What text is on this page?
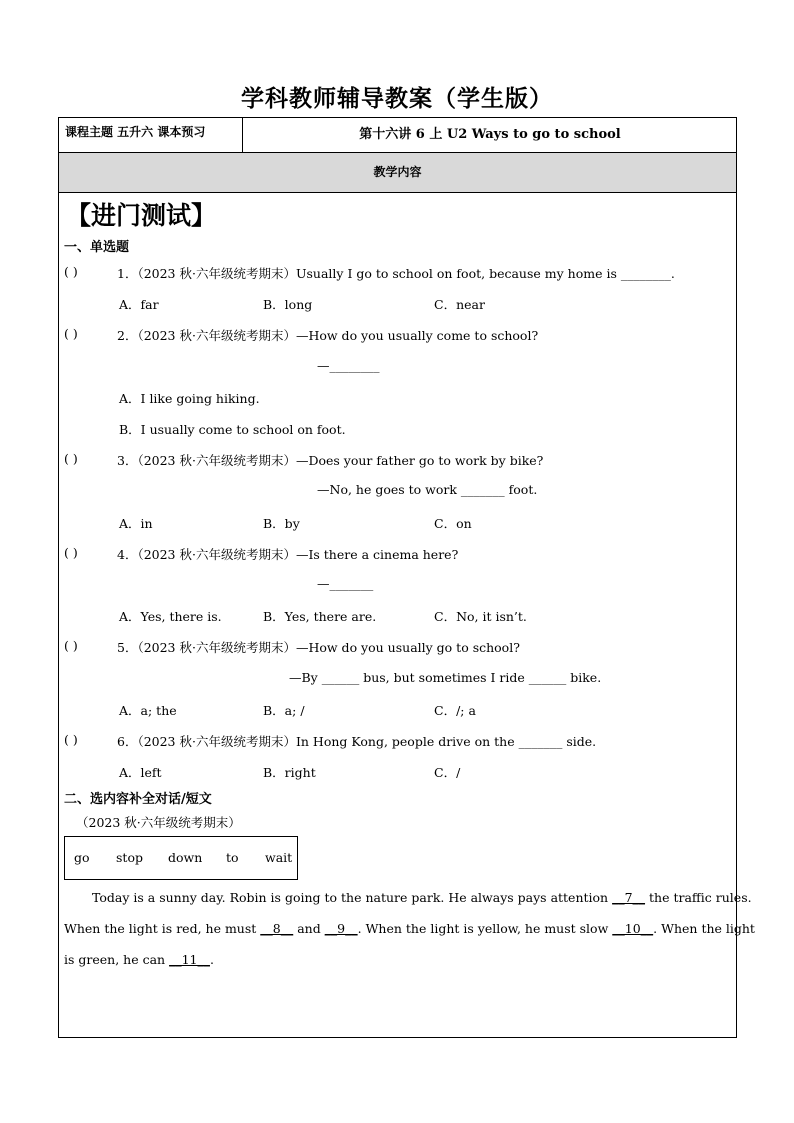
学科教师辅导教案（学生版）
课程主题 五升六 课本预习	第十六讲 6 上 U2 Ways to go to school
教学内容
【进门测试】
一、单选题
( )	1．（2023 秋·六年级统考期末）Usually I go to school on foot, because my home is ________.
A．far	B．long	C．near
( )	2．（2023 秋·六年级统考期末）—How do you usually come to school?
—________
A．I like going hiking.
B．I usually come to school on foot.
( )	3．（2023 秋·六年级统考期末）—Does your father go to work by bike?
—No, he goes to work _______ foot.
A．in	B．by	C．on
( )	4．（2023 秋·六年级统考期末）—Is there a cinema here?
—_______
A．Yes, there is.	B．Yes, there are.	C．No, it isn’t.
( )	5．（2023 秋·六年级统考期末）—How do you usually go to school?
—By ______ bus, but sometimes I ride ______ bike.
A．a; the	B．a; /	C．/; a
( )	6．（2023 秋·六年级统考期末）In Hong Kong, people drive on the _______ side.
A．left	B．right	C．/
二、选内容补全对话/短文
（2023 秋·六年级统考期末）
go stop down to wait
Today is a sunny day. Robin is going to the nature park. He always pays attention __7__ the traffic rules.
When the light is red, he must __8__ and __9__. When the light is yellow, he must slow __10__. When the light
is green, he can __11__.
